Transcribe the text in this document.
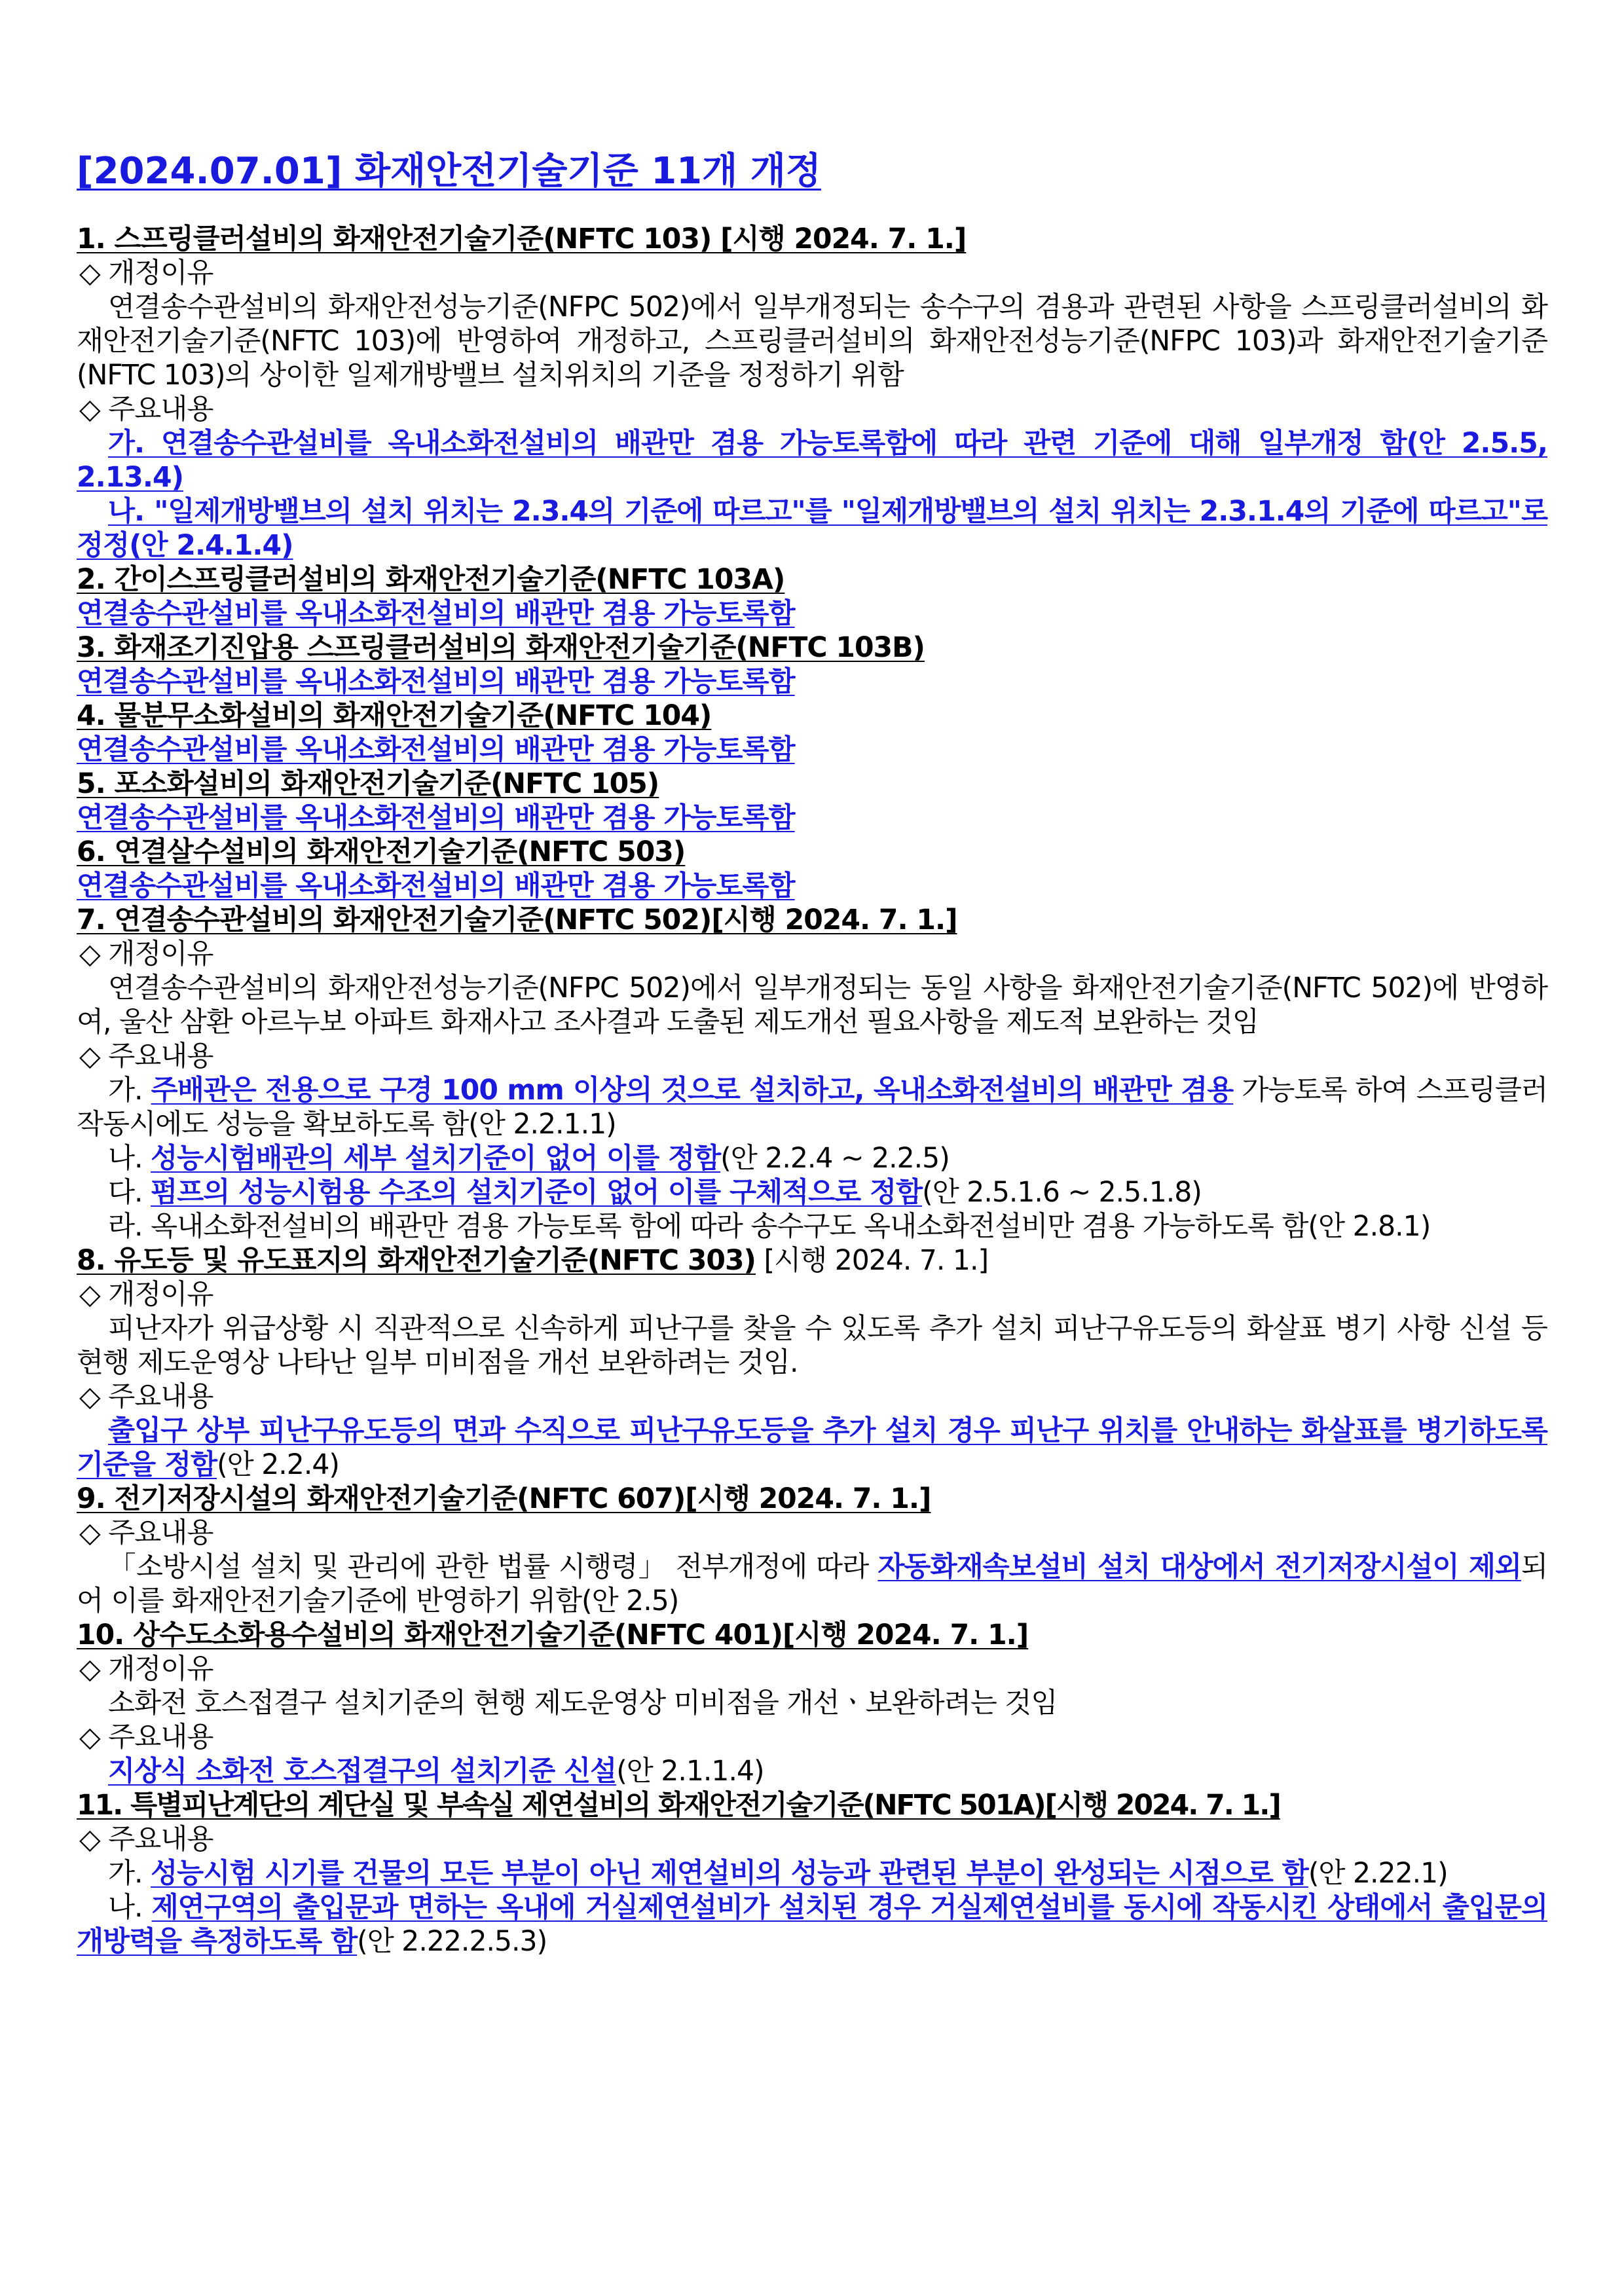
[2024.07.01] 화재안전기술기준 11개 개정
1. 스프링클러설비의 화재안전기술기준(NFTC 103) [시행 2024. 7. 1.]
◇ 개정이유
연결송수관설비의 화재안전성능기준(NFPC 502)에서 일부개정되는 송수구의 겸용과 관련된 사항을 스프링클러설비의 화재안전기술기준(NFTC 103)에 반영하여 개정하고, 스프링클러설비의 화재안전성능기준(NFPC 103)과 화재안전기술기준(NFTC 103)의 상이한 일제개방밸브 설치위치의 기준을 정정하기 위함
◇ 주요내용
가. 연결송수관설비를 옥내소화전설비의 배관만 겸용 가능토록함에 따라 관련 기준에 대해 일부개정 함(안 2.5.5, 2.13.4)
나. "일제개방밸브의 설치 위치는 2.3.4의 기준에 따르고"를 "일제개방밸브의 설치 위치는 2.3.1.4의 기준에 따르고"로 정정(안 2.4.1.4)
2. 간이스프링클러설비의 화재안전기술기준(NFTC 103A)
연결송수관설비를 옥내소화전설비의 배관만 겸용 가능토록함
3. 화재조기진압용 스프링클러설비의 화재안전기술기준(NFTC 103B)
연결송수관설비를 옥내소화전설비의 배관만 겸용 가능토록함
4. 물분무소화설비의 화재안전기술기준(NFTC 104)
연결송수관설비를 옥내소화전설비의 배관만 겸용 가능토록함
5. 포소화설비의 화재안전기술기준(NFTC 105)
연결송수관설비를 옥내소화전설비의 배관만 겸용 가능토록함
6. 연결살수설비의 화재안전기술기준(NFTC 503)
연결송수관설비를 옥내소화전설비의 배관만 겸용 가능토록함
7. 연결송수관설비의 화재안전기술기준(NFTC 502)[시행 2024. 7. 1.]
◇ 개정이유
연결송수관설비의 화재안전성능기준(NFPC 502)에서 일부개정되는 동일 사항을 화재안전기술기준(NFTC 502)에 반영하여, 울산 삼환 아르누보 아파트 화재사고 조사결과 도출된 제도개선 필요사항을 제도적 보완하는 것임
◇ 주요내용
가. 주배관은 전용으로 구경 100 mm 이상의 것으로 설치하고, 옥내소화전설비의 배관만 겸용 가능토록 하여 스프링클러 작동시에도 성능을 확보하도록 함(안 2.2.1.1)
나. 성능시험배관의 세부 설치기준이 없어 이를 정함(안 2.2.4 ~ 2.2.5)
다. 펌프의 성능시험용 수조의 설치기준이 없어 이를 구체적으로 정함(안 2.5.1.6 ~ 2.5.1.8)
라. 옥내소화전설비의 배관만 겸용 가능토록 함에 따라 송수구도 옥내소화전설비만 겸용 가능하도록 함(안 2.8.1)
8. 유도등 및 유도표지의 화재안전기술기준(NFTC 303) [시행 2024. 7. 1.]
◇ 개정이유
피난자가 위급상황 시 직관적으로 신속하게 피난구를 찾을 수 있도록 추가 설치 피난구유도등의 화살표 병기 사항 신설 등 현행 제도운영상 나타난 일부 미비점을 개선 보완하려는 것임.
◇ 주요내용
출입구 상부 피난구유도등의 면과 수직으로 피난구유도등을 추가 설치 경우 피난구 위치를 안내하는 화살표를 병기하도록 기준을 정함(안 2.2.4)
9. 전기저장시설의 화재안전기술기준(NFTC 607)[시행 2024. 7. 1.]
◇ 주요내용
「소방시설 설치 및 관리에 관한 법률 시행령」 전부개정에 따라 자동화재속보설비 설치 대상에서 전기저장시설이 제외되어 이를 화재안전기술기준에 반영하기 위함(안 2.5)
10. 상수도소화용수설비의 화재안전기술기준(NFTC 401)[시행 2024. 7. 1.]
◇ 개정이유
소화전 호스접결구 설치기준의 현행 제도운영상 미비점을 개선ㆍ보완하려는 것임
◇ 주요내용
지상식 소화전 호스접결구의 설치기준 신설(안 2.1.1.4)
11. 특별피난계단의 계단실 및 부속실 제연설비의 화재안전기술기준(NFTC 501A)[시행 2024. 7. 1.]
◇ 주요내용
가. 성능시험 시기를 건물의 모든 부분이 아닌 제연설비의 성능과 관련된 부분이 완성되는 시점으로 함(안 2.22.1)
나. 제연구역의 출입문과 면하는 옥내에 거실제연설비가 설치된 경우 거실제연설비를 동시에 작동시킨 상태에서 출입문의 개방력을 측정하도록 함(안 2.22.2.5.3)
